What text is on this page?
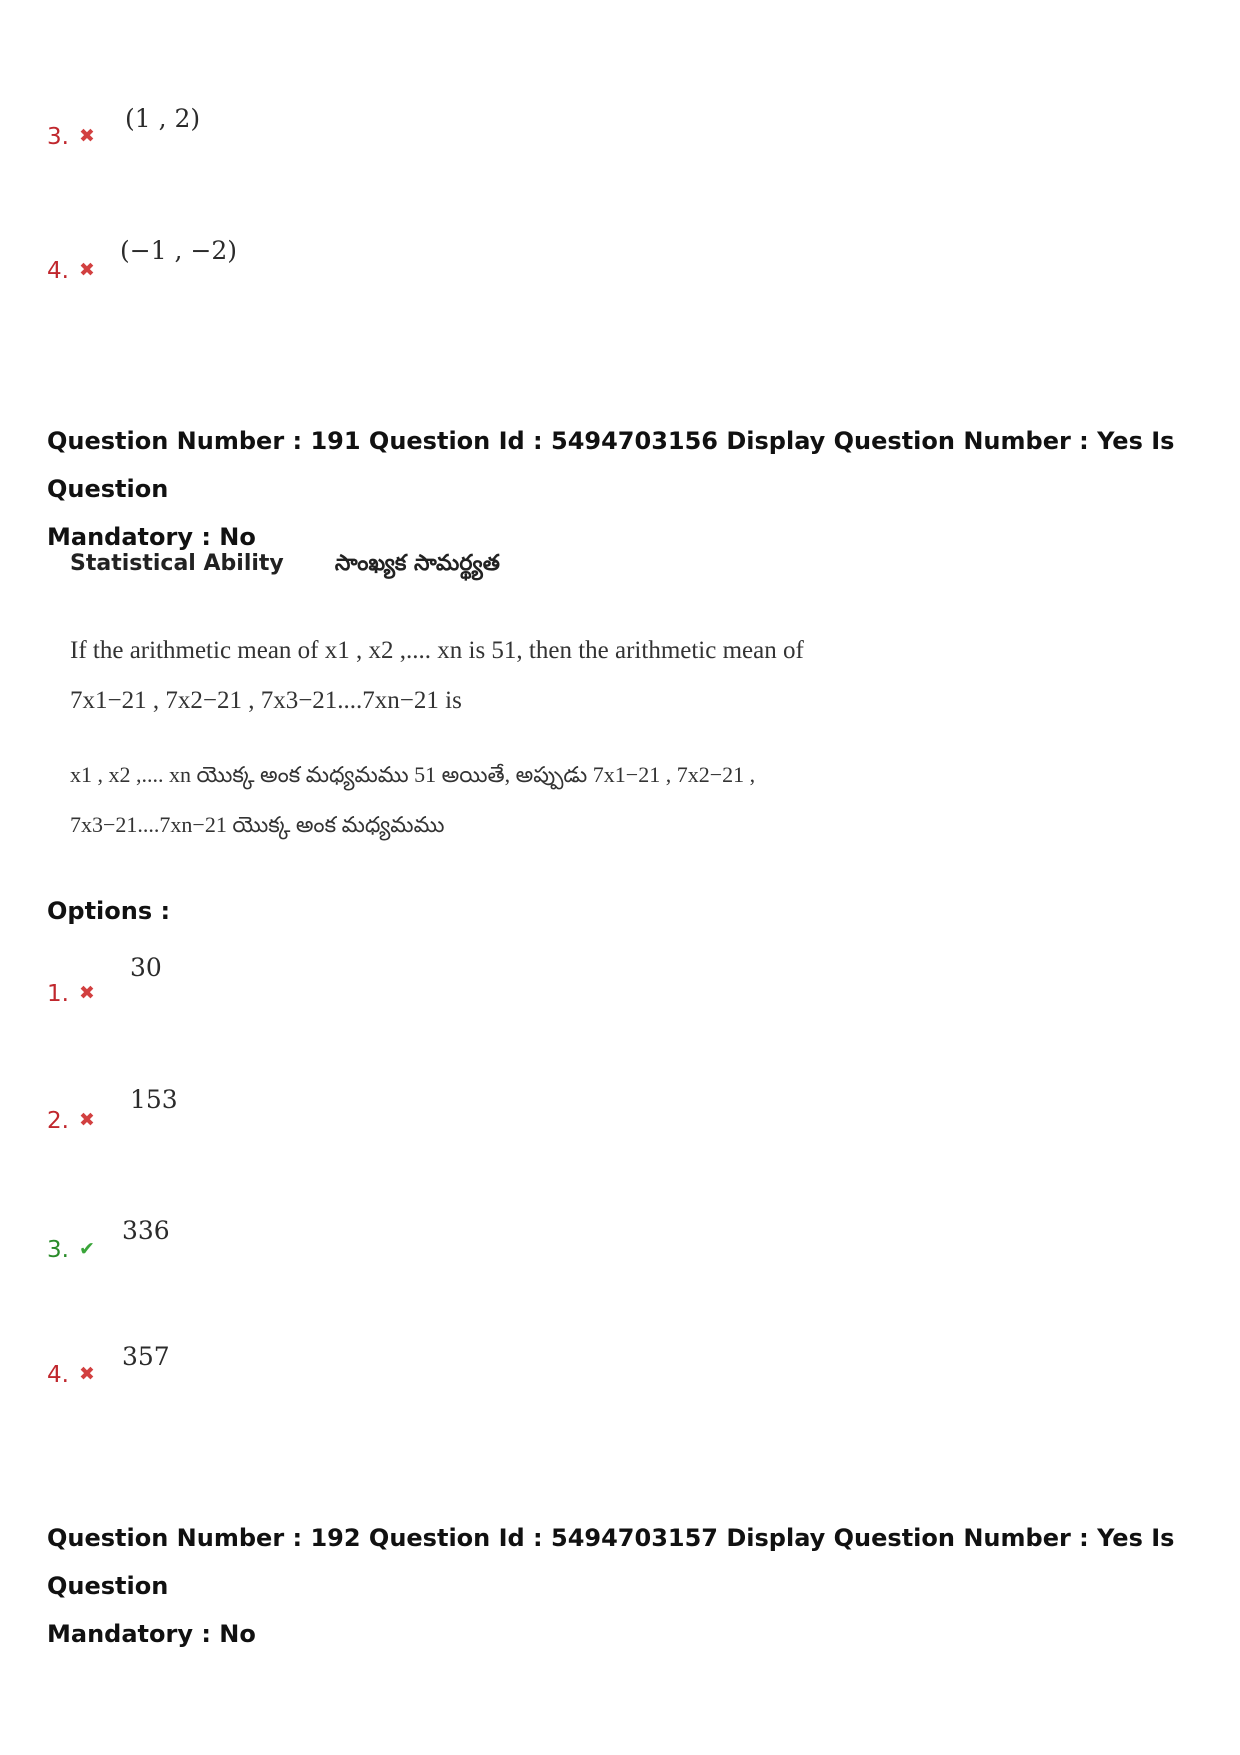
3. ✖
(1 , 2)
4. ✖
(−1 , −2)
Question Number : 191 Question Id : 5494703156 Display Question Number : Yes Is Question
Mandatory : No
Statistical Ability సాంఖ్యక సామర్థ్యత
If the arithmetic mean of x1 , x2 ,.... xn is 51, then the arithmetic mean of
7x1−21 , 7x2−21 , 7x3−21....7xn−21 is
x1 , x2 ,.... xn యొక్క అంక మధ్యమము 51 అయితే, అప్పుడు 7x1−21 , 7x2−21 ,
7x3−21....7xn−21 యొక్క అంక మధ్యమము
Options :
1. ✖
30
2. ✖
153
3. ✔
336
4. ✖
357
Question Number : 192 Question Id : 5494703157 Display Question Number : Yes Is Question
Mandatory : No
